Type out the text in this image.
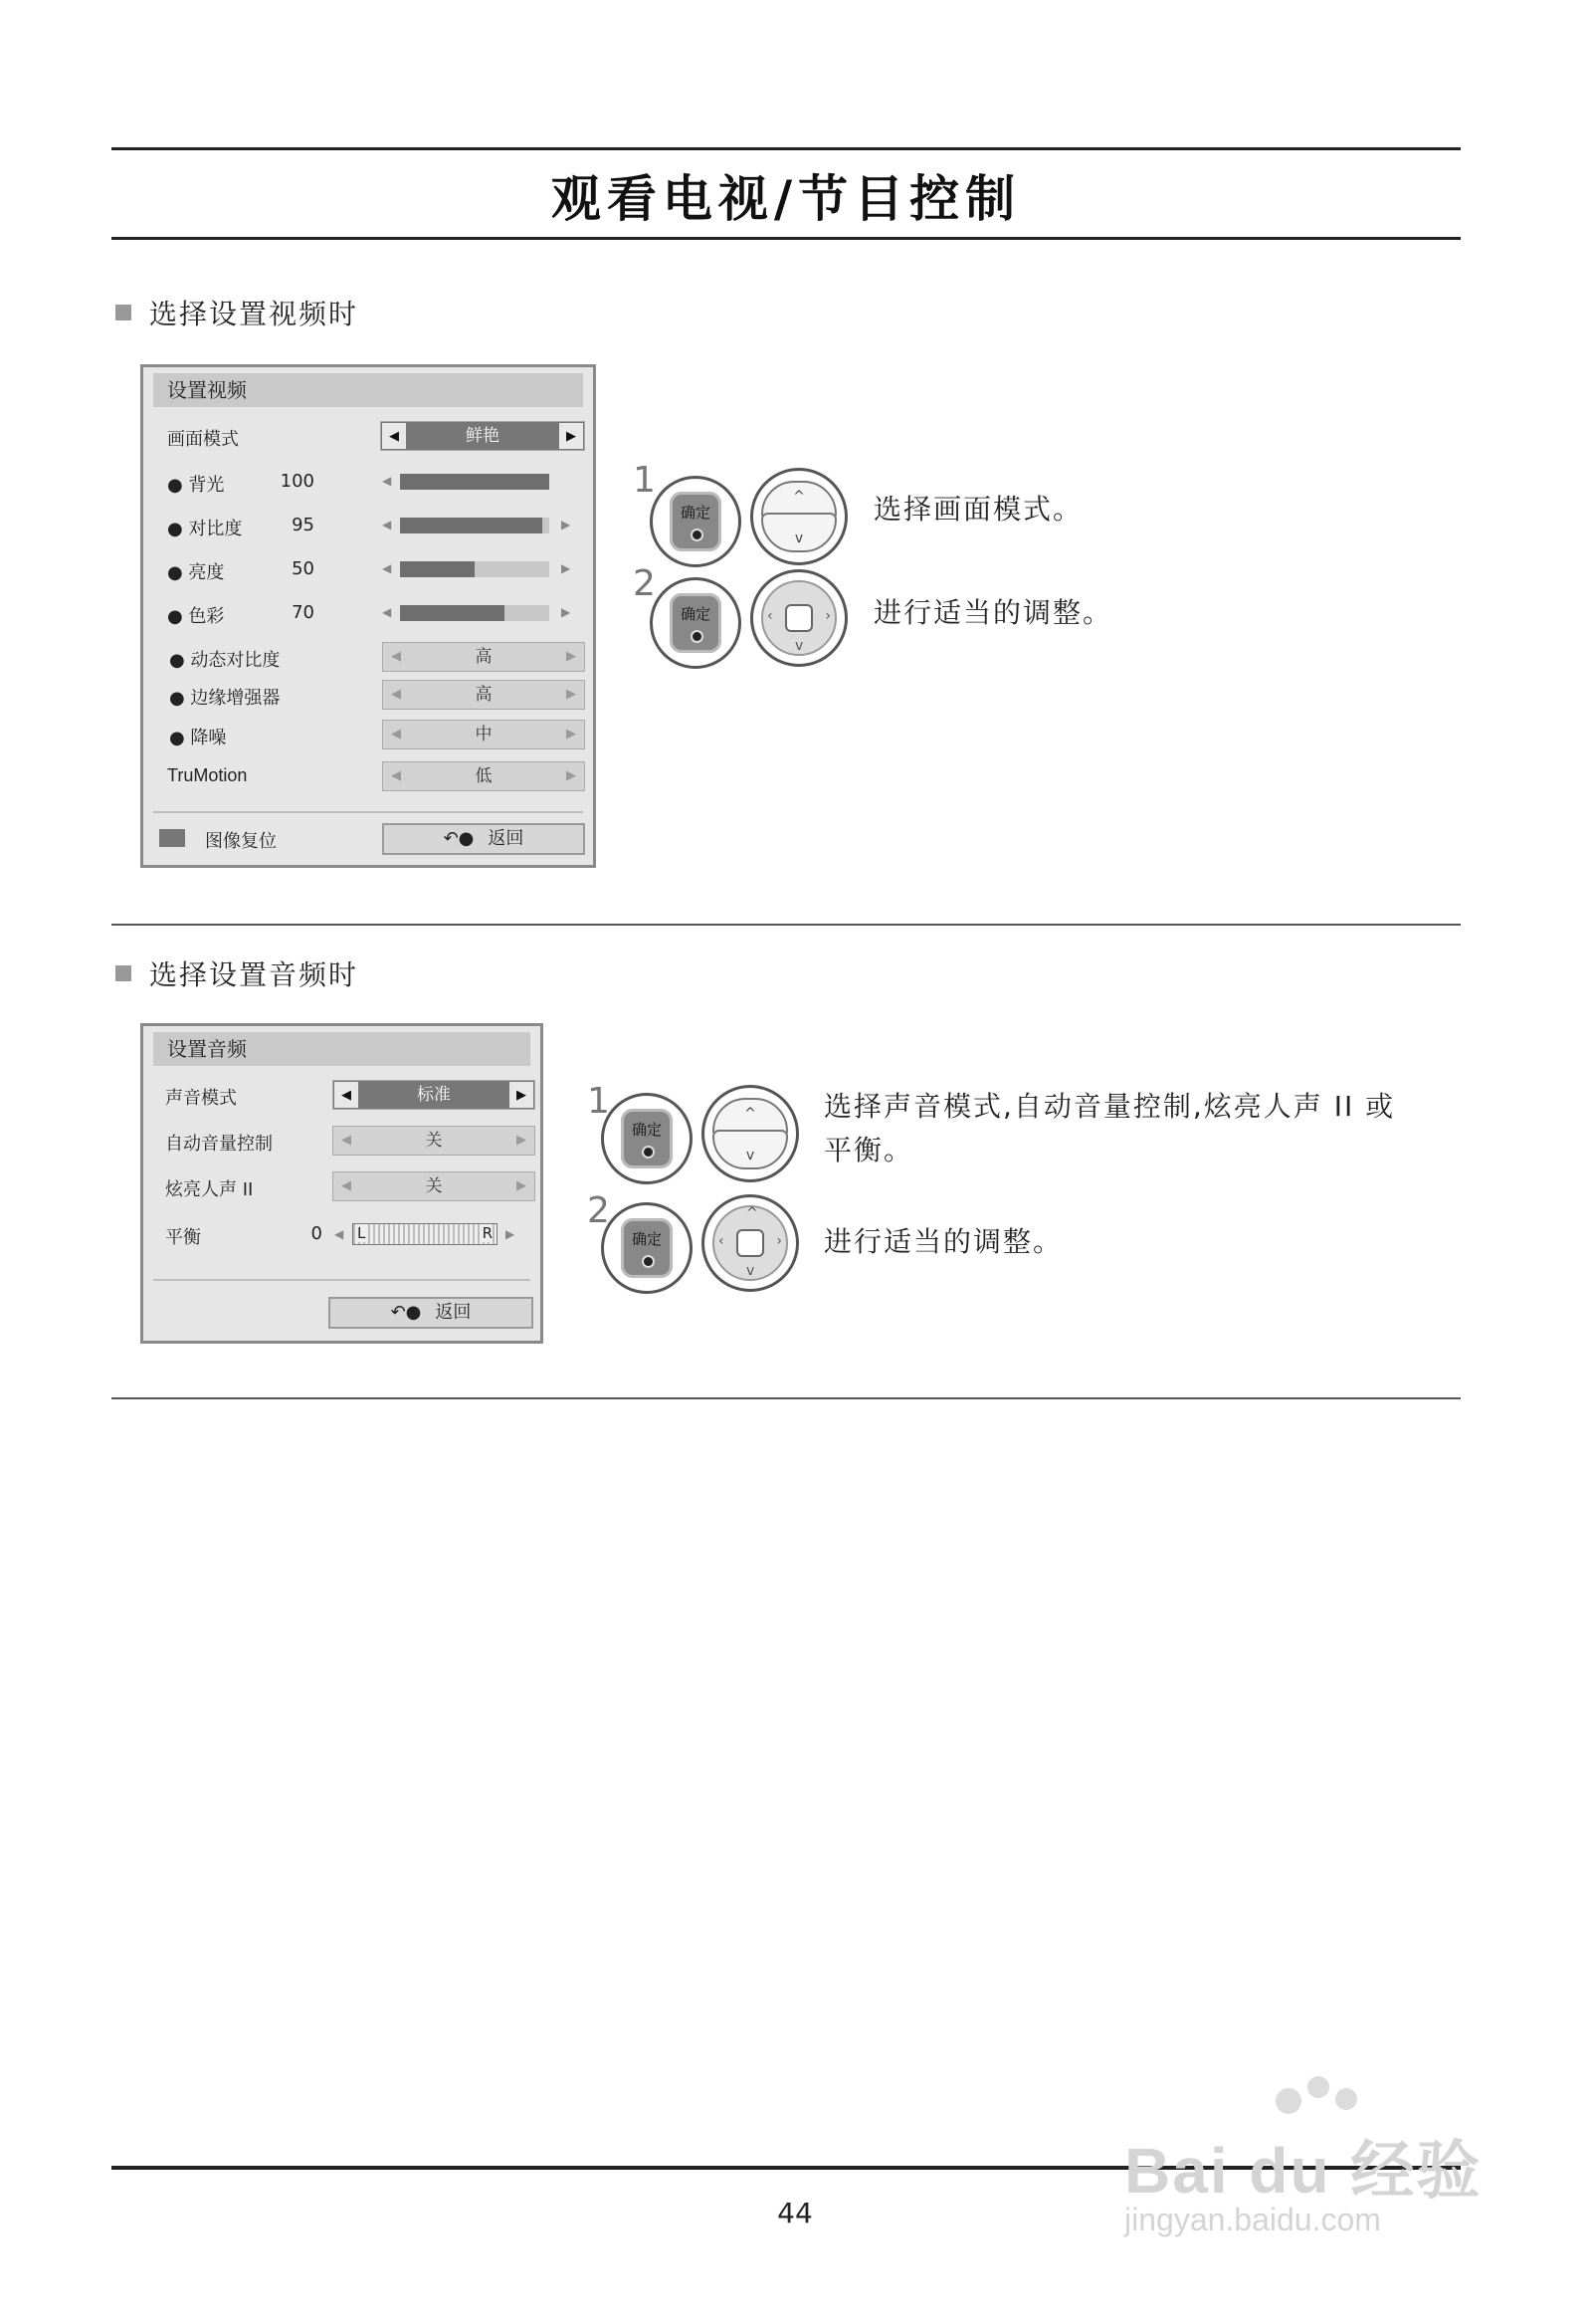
观看电视/节目控制
选择设置视频时
设置视频
画面模式	◀	鲜艳	▶
● 背光	100	◀
● 对比度	95	◀	▶
● 亮度	50	◀	▶
● 色彩	70	◀	▶
● 动态对比度	◀	高	▶
● 边缘增强器	◀	高	▶
● 降噪	◀	中	▶
TruMotion	◀	低	▶
图像复位	↶● 返回
1
确定
^
v
选择画面模式。
2
确定	‹	›
v
进行适当的调整。
选择设置音频时
设置音频
声音模式	◀	标准	▶
自动音量控制	◀	关	▶
炫亮人声 II	◀	关	▶
平衡	0 ◀ L	R ▶
↶● 返回
1
确定
^
v
选择声音模式,自动音量控制,炫亮人声 II 或
平衡。
2
确定
^
‹	›
v
进行适当的调整。
44
Bai du 经验
jingyan.baidu.com
